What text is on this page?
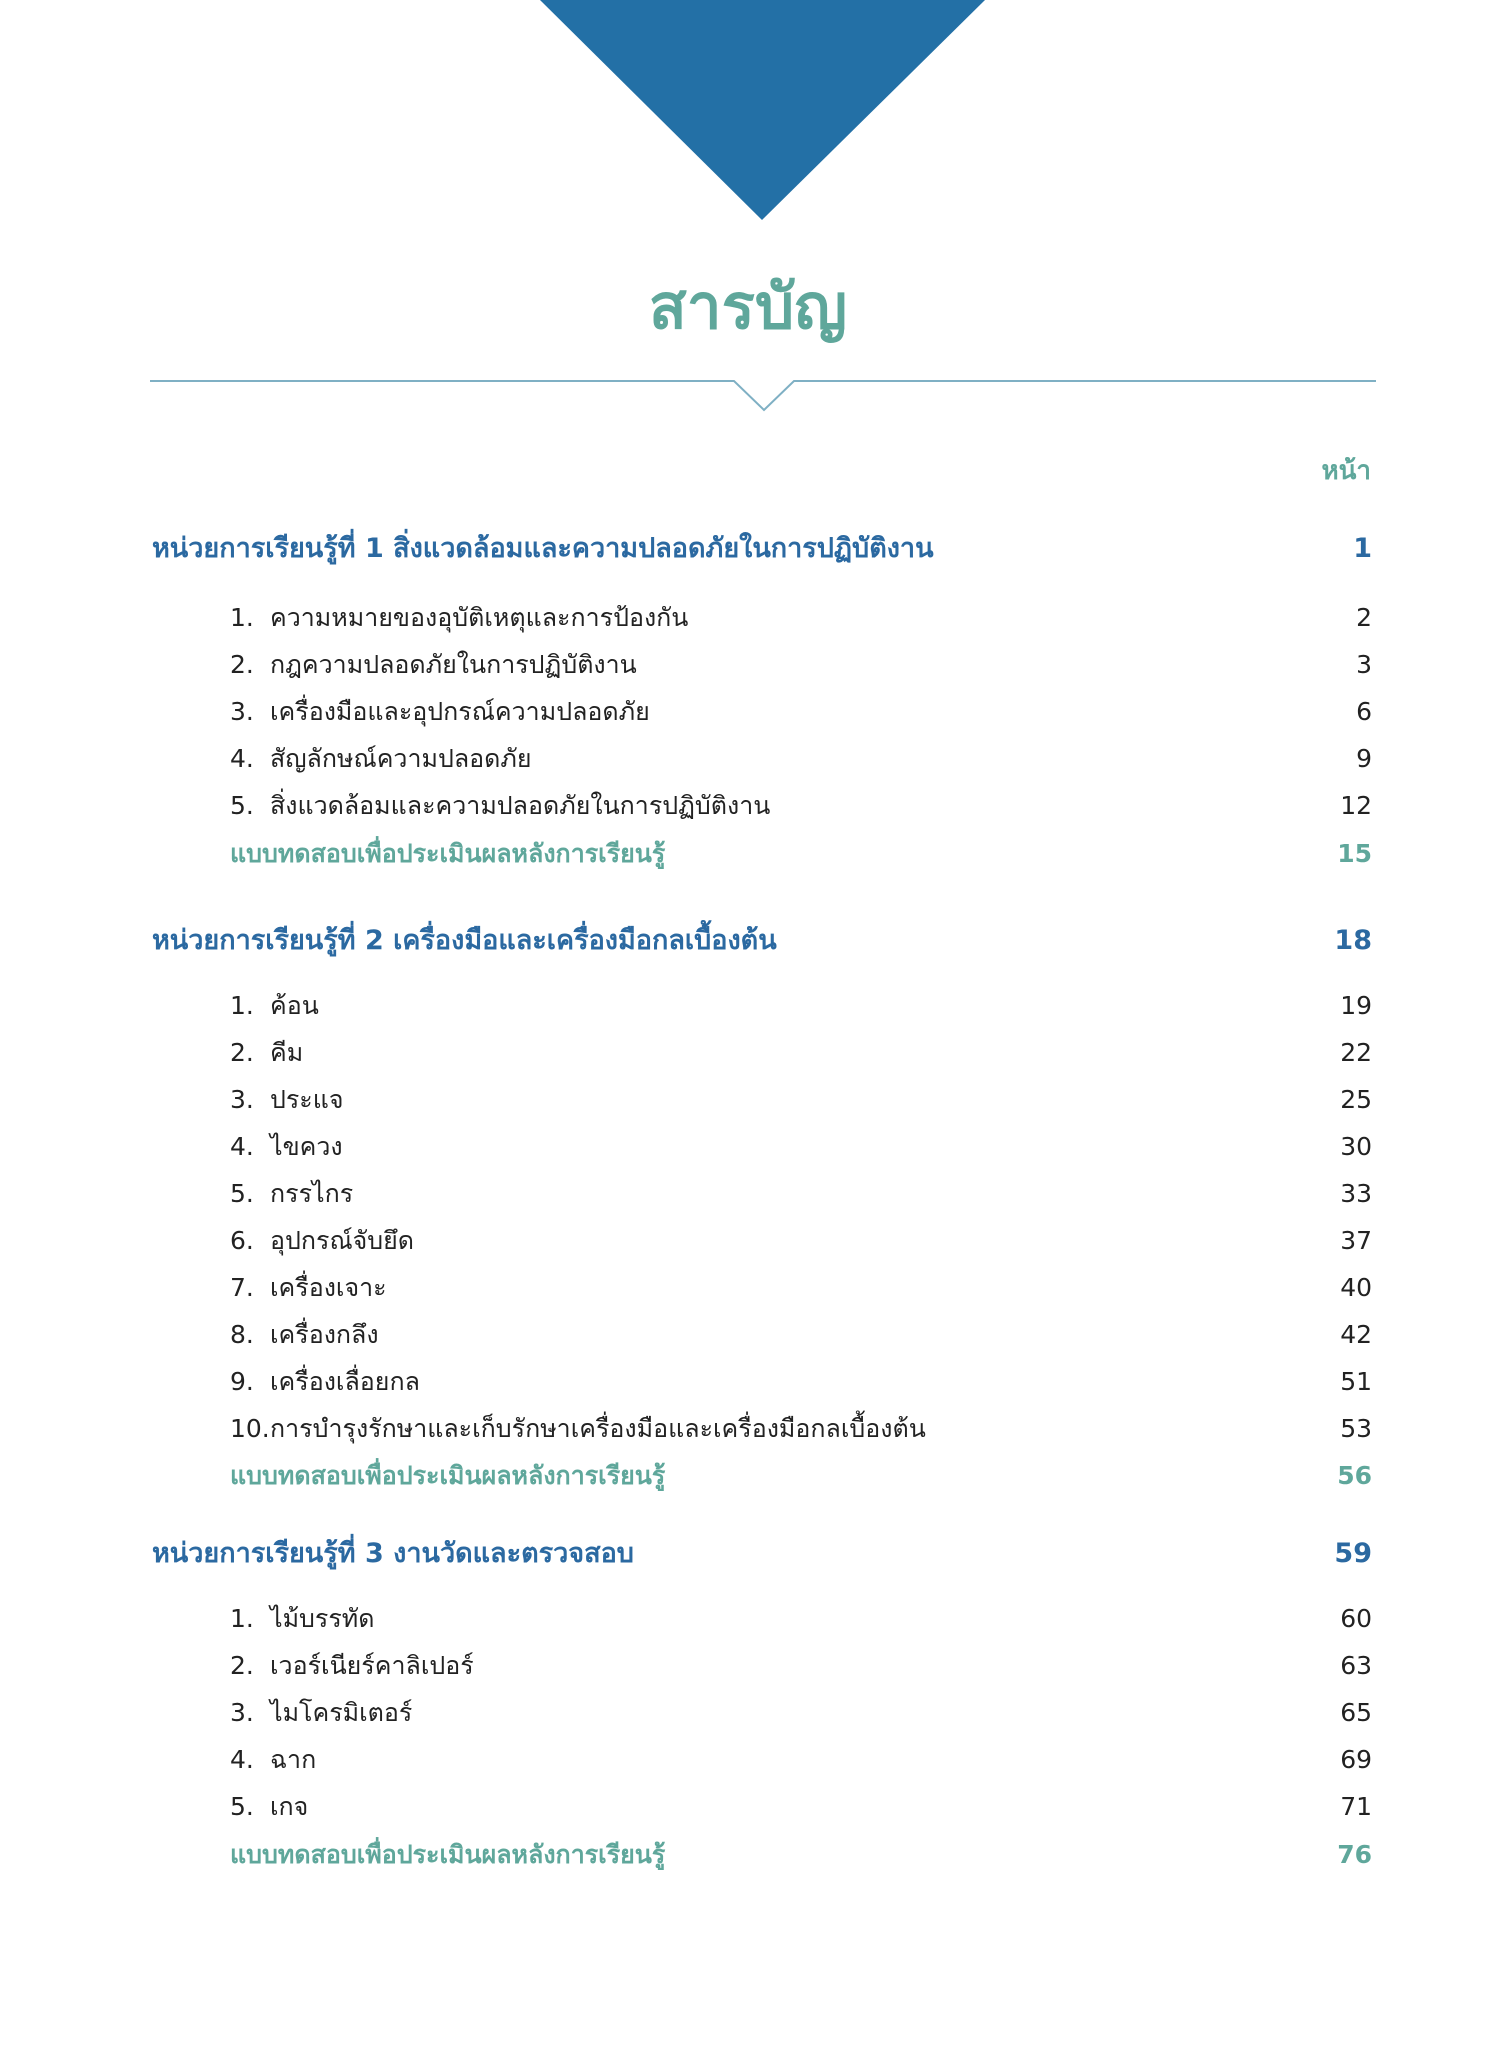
สารบัญ
หน้า
หน่วยการเรียนรู้ที่ 1 สิ่งแวดล้อมและความปลอดภัยในการปฏิบัติงาน	1
1. ความหมายของอุบัติเหตุและการป้องกัน	2
2. กฎความปลอดภัยในการปฏิบัติงาน	3
3. เครื่องมือและอุปกรณ์ความปลอดภัย	6
4. สัญลักษณ์ความปลอดภัย	9
5. สิ่งแวดล้อมและความปลอดภัยในการปฏิบัติงาน	12
แบบทดสอบเพื่อประเมินผลหลังการเรียนรู้	15
หน่วยการเรียนรู้ที่ 2 เครื่องมือและเครื่องมือกลเบื้องต้น	18
1. ค้อน	19
2. คีม	22
3. ประแจ	25
4. ไขควง	30
5. กรรไกร	33
6. อุปกรณ์จับยึด	37
7. เครื่องเจาะ	40
8. เครื่องกลึง	42
9. เครื่องเลื่อยกล	51
10.การบำรุงรักษาและเก็บรักษาเครื่องมือและเครื่องมือกลเบื้องต้น	53
แบบทดสอบเพื่อประเมินผลหลังการเรียนรู้	56
หน่วยการเรียนรู้ที่ 3 งานวัดและตรวจสอบ	59
1. ไม้บรรทัด	60
2. เวอร์เนียร์คาลิเปอร์	63
3. ไมโครมิเตอร์	65
4. ฉาก	69
5. เกจ	71
แบบทดสอบเพื่อประเมินผลหลังการเรียนรู้	76
